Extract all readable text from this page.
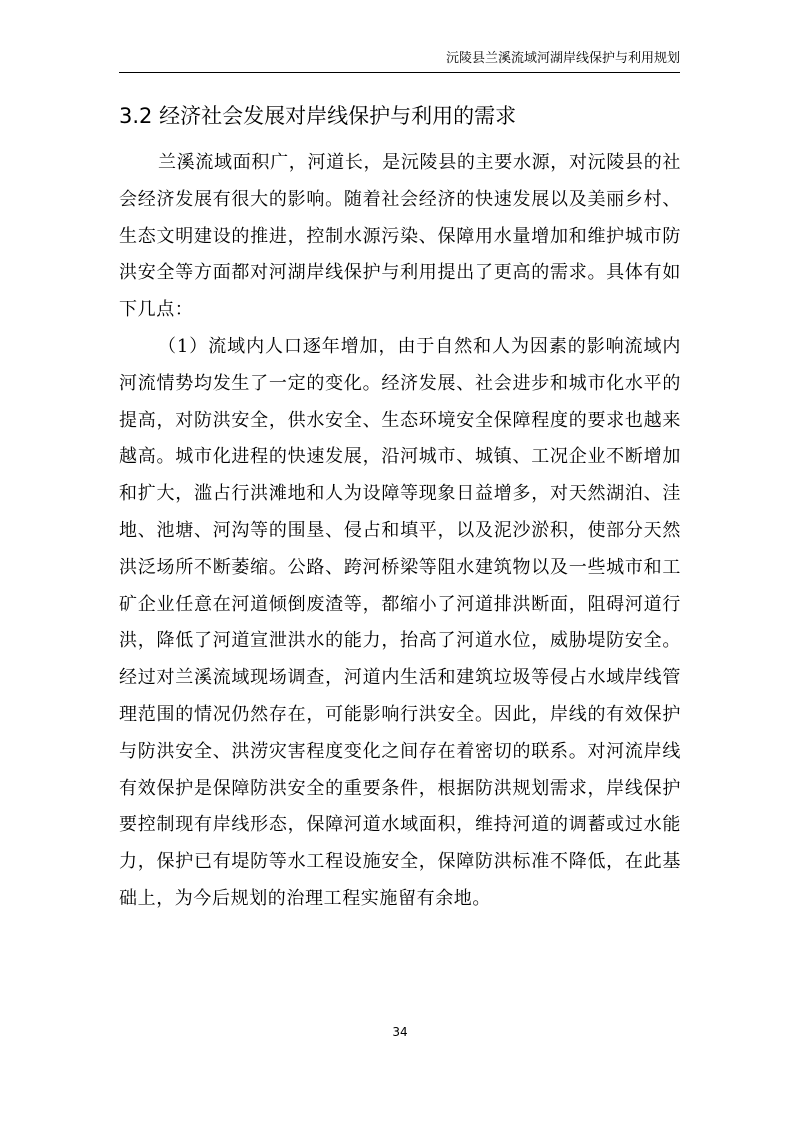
沅陵县兰溪流域河湖岸线保护与利用规划
3.2 经济社会发展对岸线保护与利用的需求

兰溪流域面积广，河道长，是沅陵县的主要水源，对沅陵县的社会经济发展有很大的影响。随着社会经济的快速发展以及美丽乡村、生态文明建设的推进，控制水源污染、保障用水量增加和维护城市防洪安全等方面都对河湖岸线保护与利用提出了更高的需求。具体有如下几点：

（1）流域内人口逐年增加，由于自然和人为因素的影响流域内河流情势均发生了一定的变化。经济发展、社会进步和城市化水平的提高，对防洪安全，供水安全、生态环境安全保障程度的要求也越来越高。城市化进程的快速发展，沿河城市、城镇、工况企业不断增加和扩大，滥占行洪滩地和人为设障等现象日益增多，对天然湖泊、洼地、池塘、河沟等的围垦、侵占和填平，以及泥沙淤积，使部分天然洪泛场所不断萎缩。公路、跨河桥梁等阻水建筑物以及一些城市和工矿企业任意在河道倾倒废渣等，都缩小了河道排洪断面，阻碍河道行洪，降低了河道宣泄洪水的能力，抬高了河道水位，威胁堤防安全。经过对兰溪流域现场调查，河道内生活和建筑垃圾等侵占水域岸线管理范围的情况仍然存在，可能影响行洪安全。因此，岸线的有效保护与防洪安全、洪涝灾害程度变化之间存在着密切的联系。对河流岸线有效保护是保障防洪安全的重要条件，根据防洪规划需求，岸线保护要控制现有岸线形态，保障河道水域面积，维持河道的调蓄或过水能力，保护已有堤防等水工程设施安全，保障防洪标准不降低，在此基础上，为今后规划的治理工程实施留有余地。

34
